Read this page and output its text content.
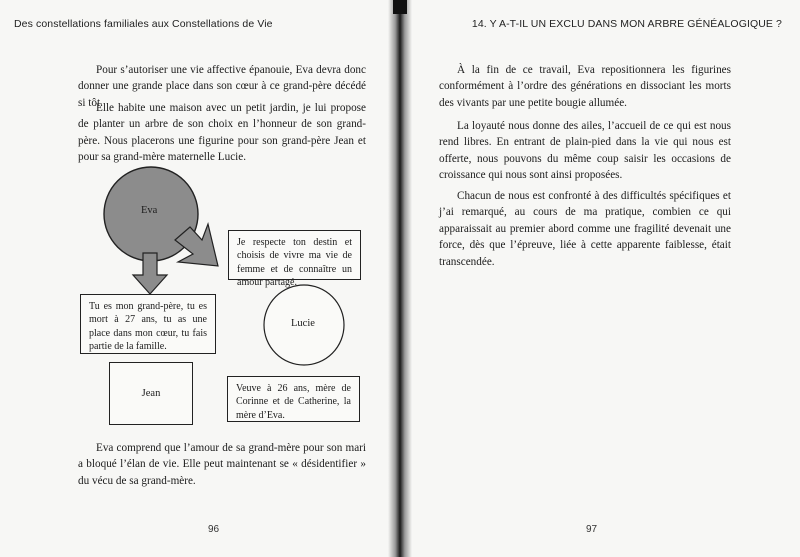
Des constellations familiales aux Constellations de Vie

Pour s’autoriser une vie affective épanouie, Eva devra donc donner une grande place dans son cœur à ce grand-père décédé si tôt.

Elle habite une maison avec un petit jardin, je lui propose de planter un arbre de son choix en l’honneur de son grand-père. Nous placerons une figurine pour son grand-père Jean et pour sa grand-mère maternelle Lucie.

Eva
Lucie
Je respecte ton destin et choisis de vivre ma vie de femme et de connaître un amour partagé.
Tu es mon grand-père, tu es mort à 27 ans, tu as une place dans mon cœur, tu fais partie de la famille.
Jean	Veuve à 26 ans, mère de Corinne et de Catherine, la mère d’Eva.

Eva comprend que l’amour de sa grand-mère pour son mari a bloqué l’élan de vie. Elle peut maintenant se « désidentifier » du vécu de sa grand-mère.

96
14. Y A-T-IL UN EXCLU DANS MON ARBRE GÉNÉALOGIQUE ?

À la fin de ce travail, Eva repositionnera les figurines conformément à l’ordre des générations en dissociant les morts des vivants par une petite bougie allumée.

La loyauté nous donne des ailes, l’accueil de ce qui est nous rend libres. En entrant de plain-pied dans la vie qui nous est offerte, nous pouvons du même coup saisir les occasions de croissance qui nous sont ainsi proposées.

Chacun de nous est confronté à des difficultés spécifiques et j’ai remarqué, au cours de ma pratique, combien ce qui apparaissait au premier abord comme une fragilité devenait une force, dès que l’épreuve, liée à cette apparente faiblesse, était transcendée.

97
